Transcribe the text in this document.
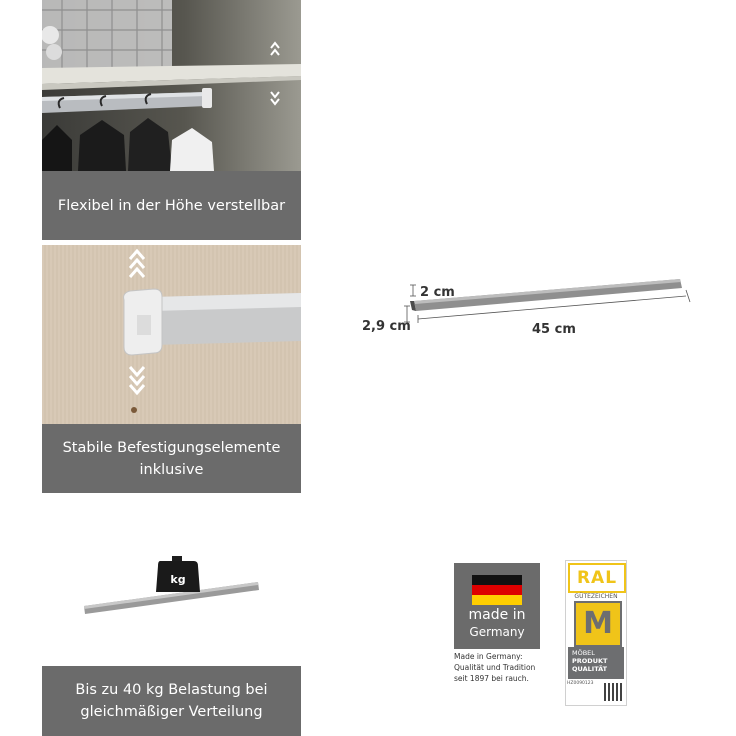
Flexibel in der Höhe verstellbar
Stabile Befestigungselemente
inklusive
2 cm
2,9 cm	45 cm
kg
Bis zu 40 kg Belastung bei
gleichmäßiger Verteilung
made in
Germany
Made in Germany:
Qualität und Tradition
seit 1897 bei rauch.
RAL
GÜTEZEICHEN
M
MÖBEL
PRODUKT
QUALITÄT
HZ0090123
